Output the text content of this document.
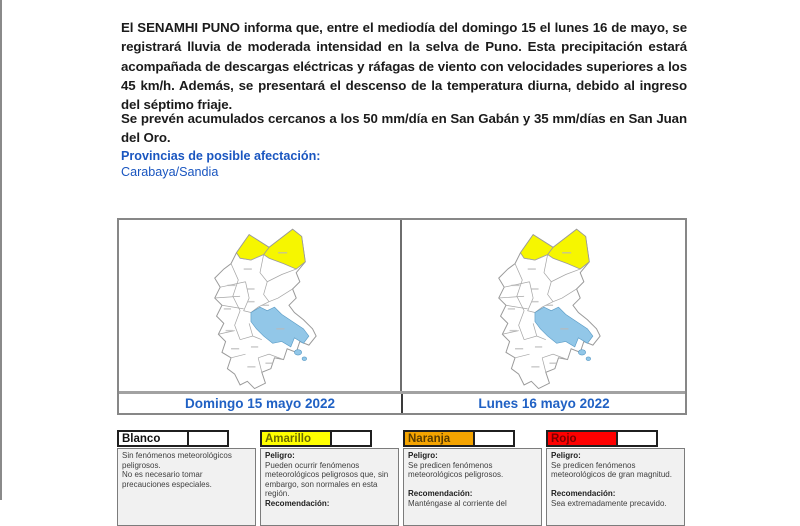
El SENAMHI PUNO informa que, entre el mediodía del domingo 15 el lunes 16 de mayo, se registrará lluvia de moderada intensidad en la selva de Puno. Esta precipitación estará acompañada de descargas eléctricas y ráfagas de viento con velocidades superiores a los 45 km/h. Además, se presentará el descenso de la temperatura diurna, debido al ingreso del séptimo friaje.
Se prevén acumulados cercanos a los 50 mm/día en San Gabán y 35 mm/días en San Juan del Oro.
Provincias de posible afectación:
Carabaya/Sandia
Domingo 15 mayo 2022	Lunes 16 mayo 2022
Blanco
Sin fenómenos meteorológicos peligrosos.
No es necesario tomar precauciones especiales.
Amarillo
Peligro:
Pueden ocurrir fenómenos meteorológicos peligrosos que, sin embargo, son normales en esta región.
Recomendación:
Naranja
Peligro:
Se predicen fenómenos meteorológicos peligrosos.

Recomendación:
Manténgase al corriente del
Rojo
Peligro:
Se predicen fenómenos meteorológicos de gran magnitud.

Recomendación:
Sea extremadamente precavido.
